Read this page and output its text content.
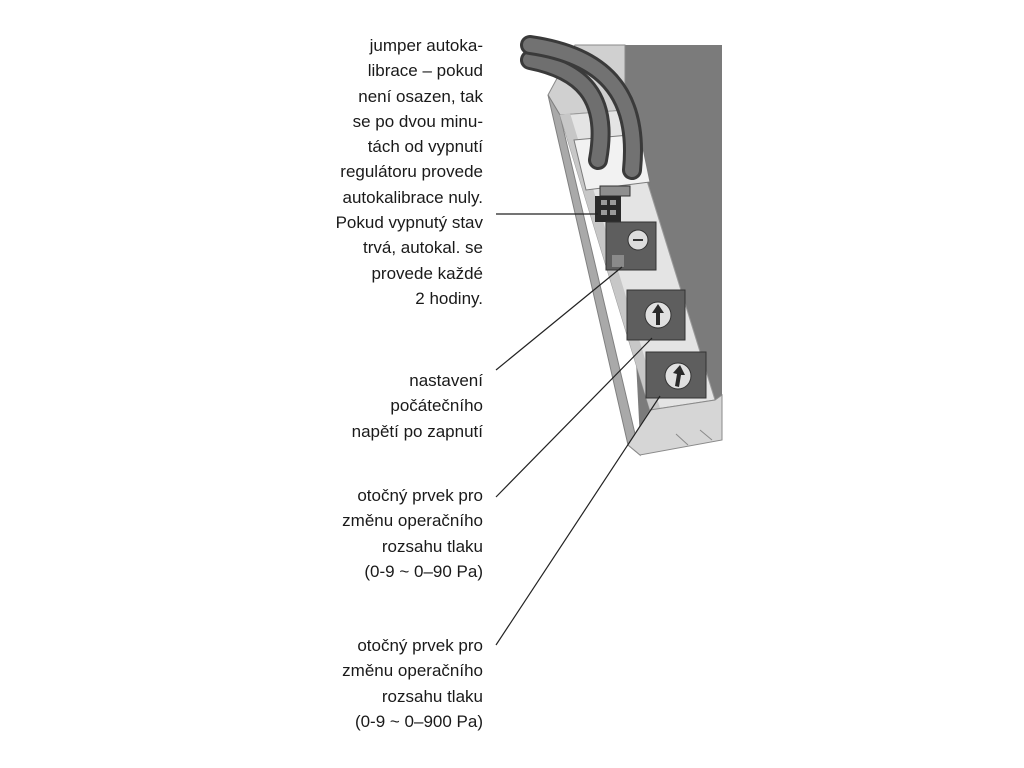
jumper autoka-
librace – pokud
není osazen, tak
se po dvou minu-
tách od vypnutí
regulátoru provede
autokalibrace nuly.
Pokud vypnutý stav
trvá, autokal. se
provede každé
2 hodiny.
nastavení
počátečního
napětí po zapnutí
otočný prvek pro
změnu operačního
rozsahu tlaku
(0-9 ~ 0–90 Pa)
otočný prvek pro
změnu operačního
rozsahu tlaku
(0-9 ~ 0–900 Pa)
